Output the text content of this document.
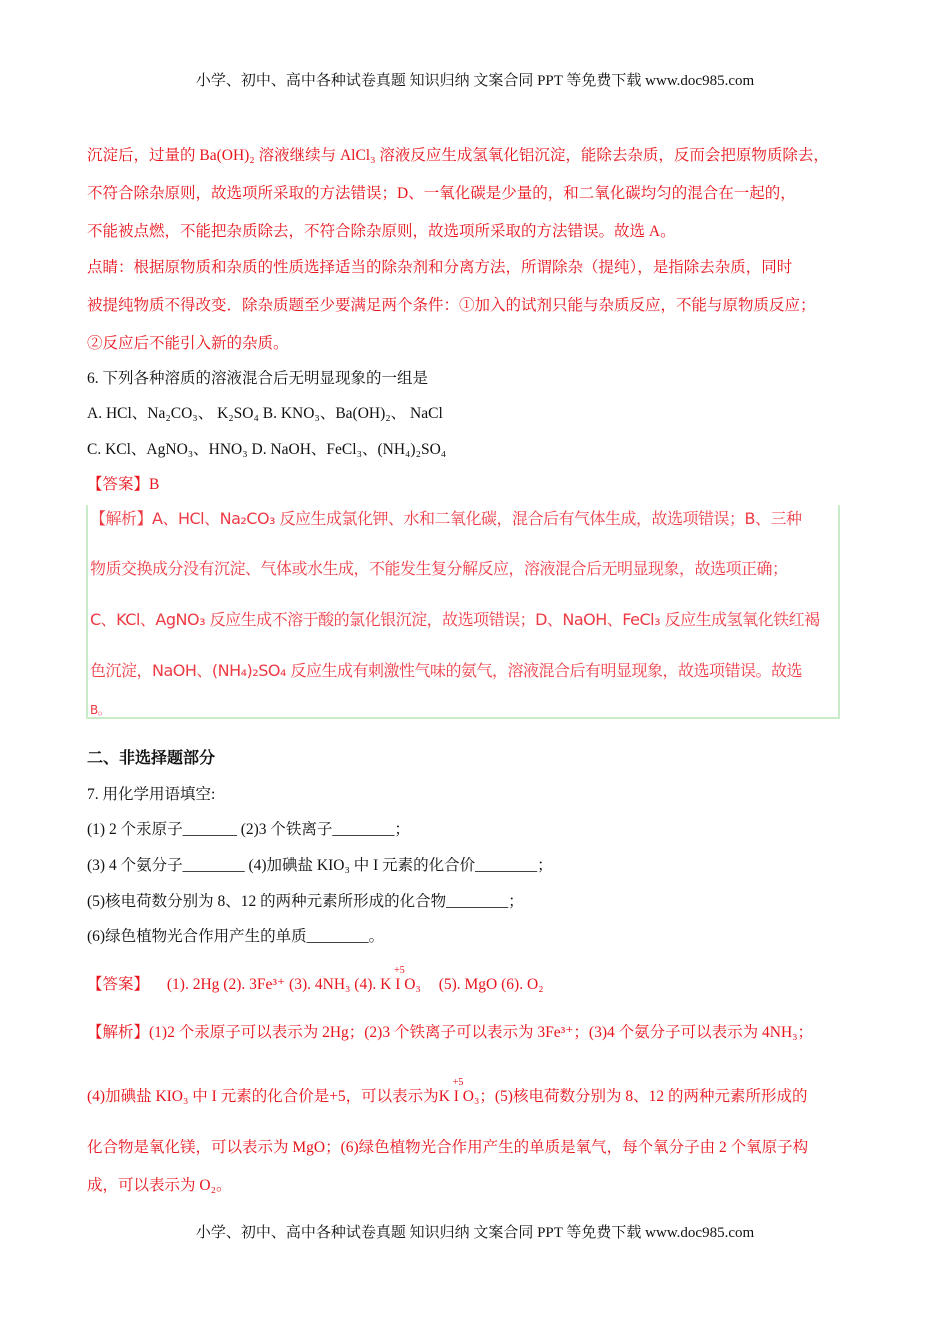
小学、初中、高中各种试卷真题 知识归纳 文案合同 PPT 等免费下载 www.doc985.com
沉淀后，过量的 Ba(OH)₂ 溶液继续与 AlCl₃ 溶液反应生成氢氧化铝沉淀，能除去杂质，反而会把原物质除去，
不符合除杂原则，故选项所采取的方法错误；D、一氧化碳是少量的，和二氧化碳均匀的混合在一起的，
不能被点燃，不能把杂质除去，不符合除杂原则，故选项所采取的方法错误。故选 A。
点睛：根据原物质和杂质的性质选择适当的除杂剂和分离方法，所谓除杂（提纯），是指除去杂质，同时
被提纯物质不得改变．除杂质题至少要满足两个条件：①加入的试剂只能与杂质反应，不能与原物质反应；
②反应后不能引入新的杂质。
6. 下列各种溶质的溶液混合后无明显现象的一组是
A. HCl、Na₂CO₃、 K₂SO₄ B. KNO₃、Ba(OH)₂、 NaCl
C. KCl、AgNO₃、HNO₃ D. NaOH、FeCl₃、(NH₄)₂SO₄
【答案】B
【解析】A、HCl、Na₂CO₃ 反应生成氯化钾、水和二氧化碳，混合后有气体生成，故选项错误；B、三种
物质交换成分没有沉淀、气体或水生成，不能发生复分解反应，溶液混合后无明显现象，故选项正确；
C、KCl、AgNO₃ 反应生成不溶于酸的氯化银沉淀，故选项错误；D、NaOH、FeCl₃ 反应生成氢氧化铁红褐
色沉淀，NaOH、(NH₄)₂SO₄ 反应生成有刺激性气味的氨气，溶液混合后有明显现象，故选项错误。故选
B。
二、非选择题部分
7. 用化学用语填空:
(1) 2 个汞原子_______ (2)3 个铁离子________；
(3) 4 个氨分子________ (4)加碘盐 KIO₃ 中 I 元素的化合价________；
(5)核电荷数分别为 8、12 的两种元素所形成的化合物________；
(6)绿色植物光合作用产生的单质________。
【答案】 (1). 2Hg (2). 3Fe³⁺ (3). 4NH₃ (4).
+5
K I O₃ (5). MgO (6). O₂
【解析】(1)2 个汞原子可以表示为 2Hg；(2)3 个铁离子可以表示为 3Fe³⁺；(3)4 个氨分子可以表示为 4NH₃；
(4)加碘盐 KIO₃ 中 I 元素的化合价是+5，可以表示为
+5
K I O₃；(5)核电荷数分别为 8、12 的两种元素所形成的
化合物是氧化镁，可以表示为 MgO；(6)绿色植物光合作用产生的单质是氧气，每个氧分子由 2 个氧原子构
成，可以表示为 O₂。
小学、初中、高中各种试卷真题 知识归纳 文案合同 PPT 等免费下载 www.doc985.com
